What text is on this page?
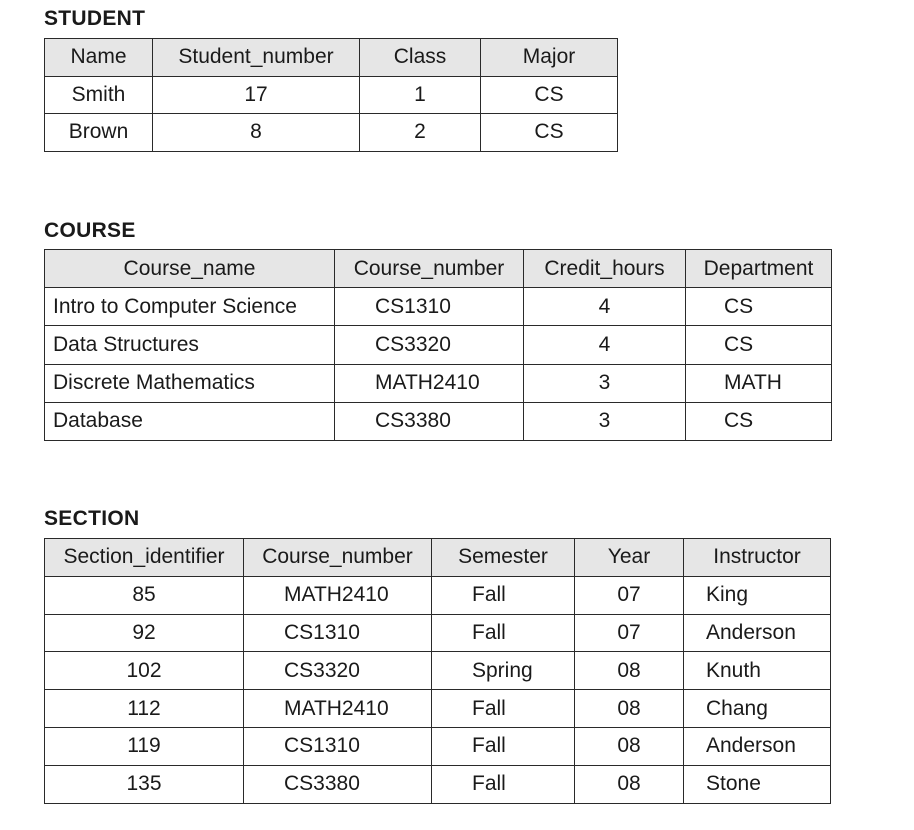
STUDENT
Name	Student_number	Class	Major
Smith	17	1	CS
Brown	8	2	CS
COURSE
Course_name	Course_number	Credit_hours	Department
Intro to Computer Science	CS1310	4	CS
Data Structures	CS3320	4	CS
Discrete Mathematics	MATH2410	3	MATH
Database	CS3380	3	CS
SECTION
Section_identifier	Course_number	Semester	Year	Instructor
85	MATH2410	Fall	07	King
92	CS1310	Fall	07	Anderson
102	CS3320	Spring	08	Knuth
112	MATH2410	Fall	08	Chang
119	CS1310	Fall	08	Anderson
135	CS3380	Fall	08	Stone
